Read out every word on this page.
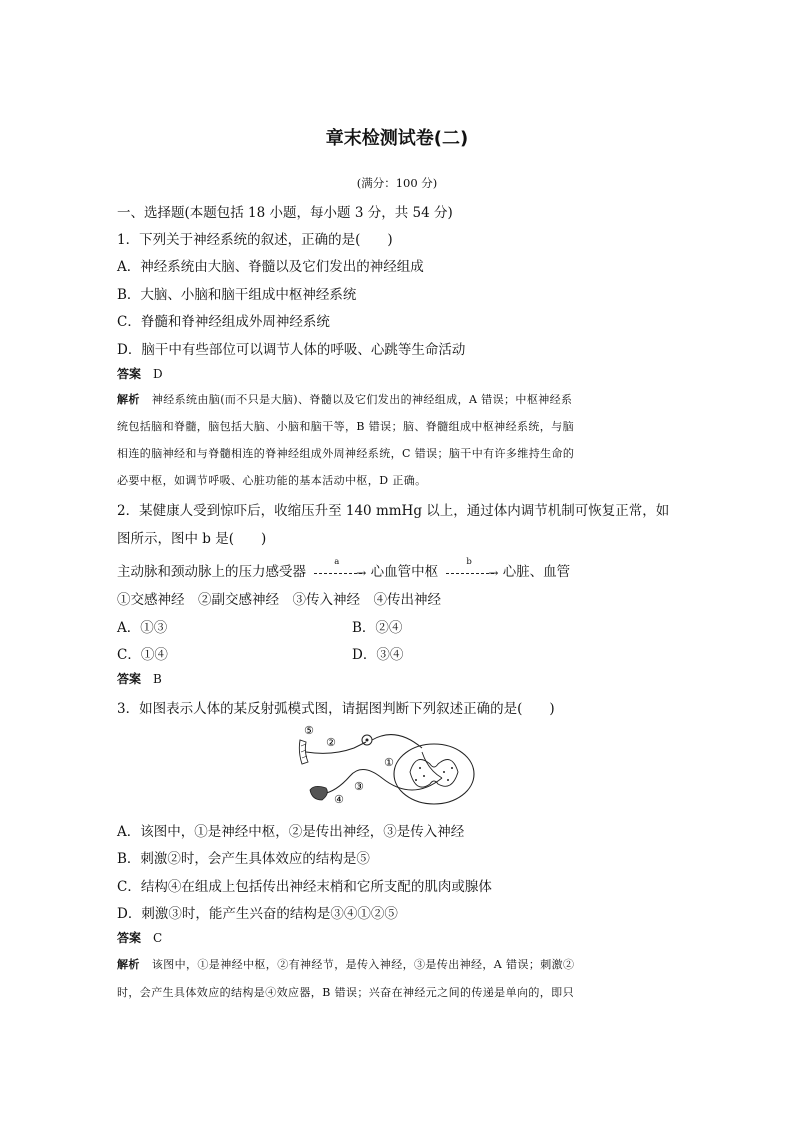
章末检测试卷(二)
(满分：100 分)
一、选择题(本题包括 18 小题，每小题 3 分，共 54 分)
1．下列关于神经系统的叙述，正确的是(　　)
A．神经系统由大脑、脊髓以及它们发出的神经组成
B．大脑、小脑和脑干组成中枢神经系统
C．脊髓和脊神经组成外周神经系统
D．脑干中有些部位可以调节人体的呼吸、心跳等生命活动
答案 D
解析 神经系统由脑(而不只是大脑)、脊髓以及它们发出的神经组成，A 错误；中枢神经系
统包括脑和脊髓，脑包括大脑、小脑和脑干等，B 错误；脑、脊髓组成中枢神经系统，与脑
相连的脑神经和与脊髓相连的脊神经组成外周神经系统，C 错误；脑干中有许多维持生命的
必要中枢，如调节呼吸、心脏功能的基本活动中枢，D 正确。
2．某健康人受到惊吓后，收缩压升至 140 mmHg 以上，通过体内调节机制可恢复正常，如
图所示，图中 b 是(　　)
主动脉和颈动脉上的压力感受器	→
a
心血管中枢	→
b
心脏、血管
①交感神经　②副交感神经　③传入神经　④传出神经
A．①③	B．②④
C．①④	D．③④
答案 B
3．如图表示人体的某反射弧模式图，请据图判断下列叙述正确的是(　　)
⑤
②
①
③
④
A．该图中，①是神经中枢，②是传出神经，③是传入神经
B．刺激②时，会产生具体效应的结构是⑤
C．结构④在组成上包括传出神经末梢和它所支配的肌肉或腺体
D．刺激③时，能产生兴奋的结构是③④①②⑤
答案 C
解析 该图中，①是神经中枢，②有神经节，是传入神经，③是传出神经，A 错误；刺激②
时，会产生具体效应的结构是④效应器，B 错误；兴奋在神经元之间的传递是单向的，即只
